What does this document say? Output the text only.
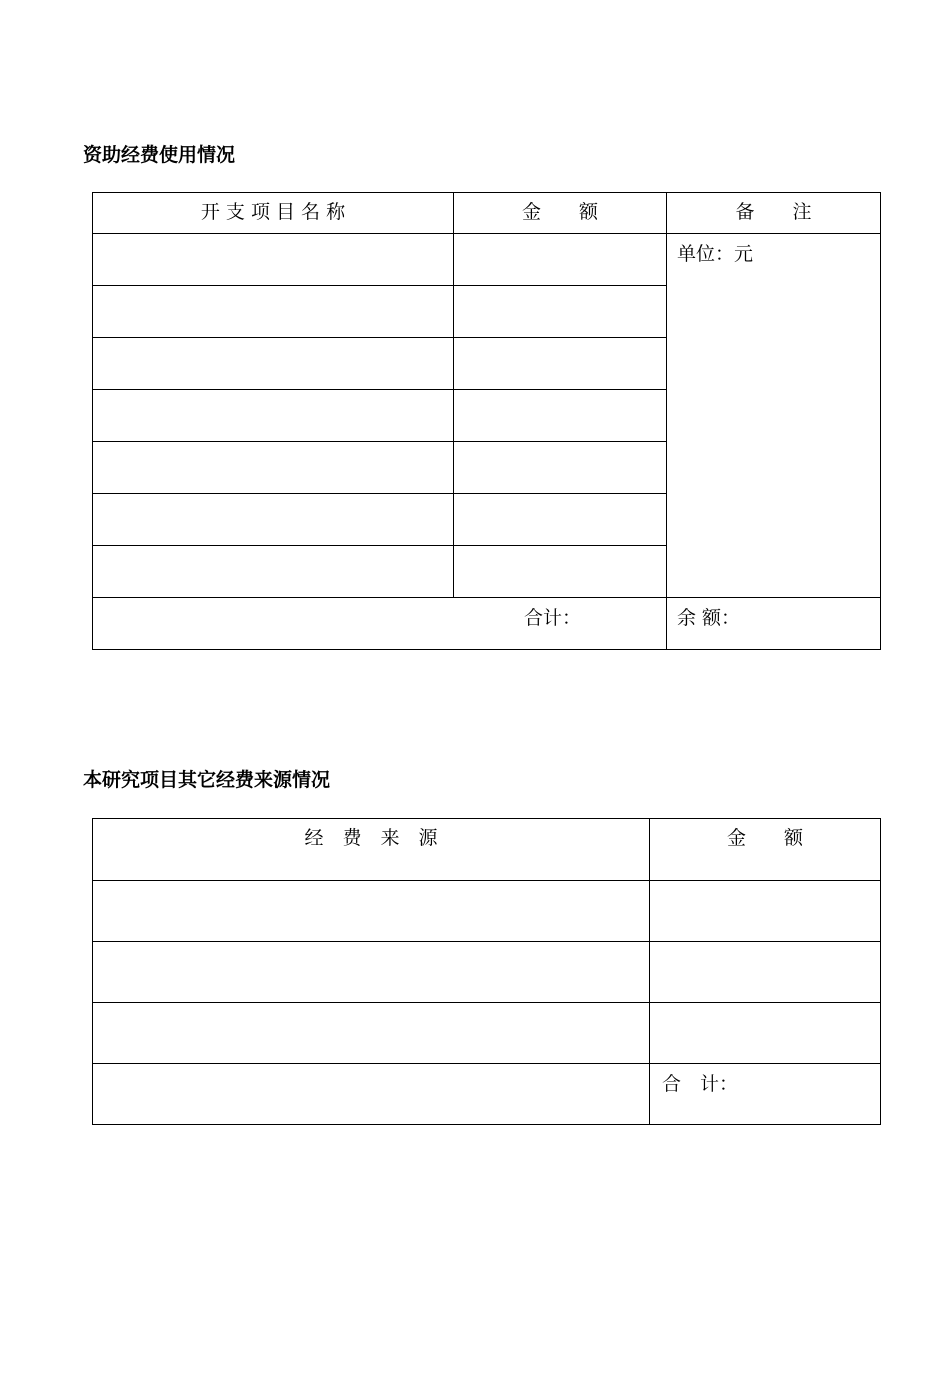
资助经费使用情况
开 支 项 目 名 称	金　　额	备　　注
		单位：元

合计：		余 额：
本研究项目其它经费来源情况
经　费　来　源	金　　额

	合　计：
